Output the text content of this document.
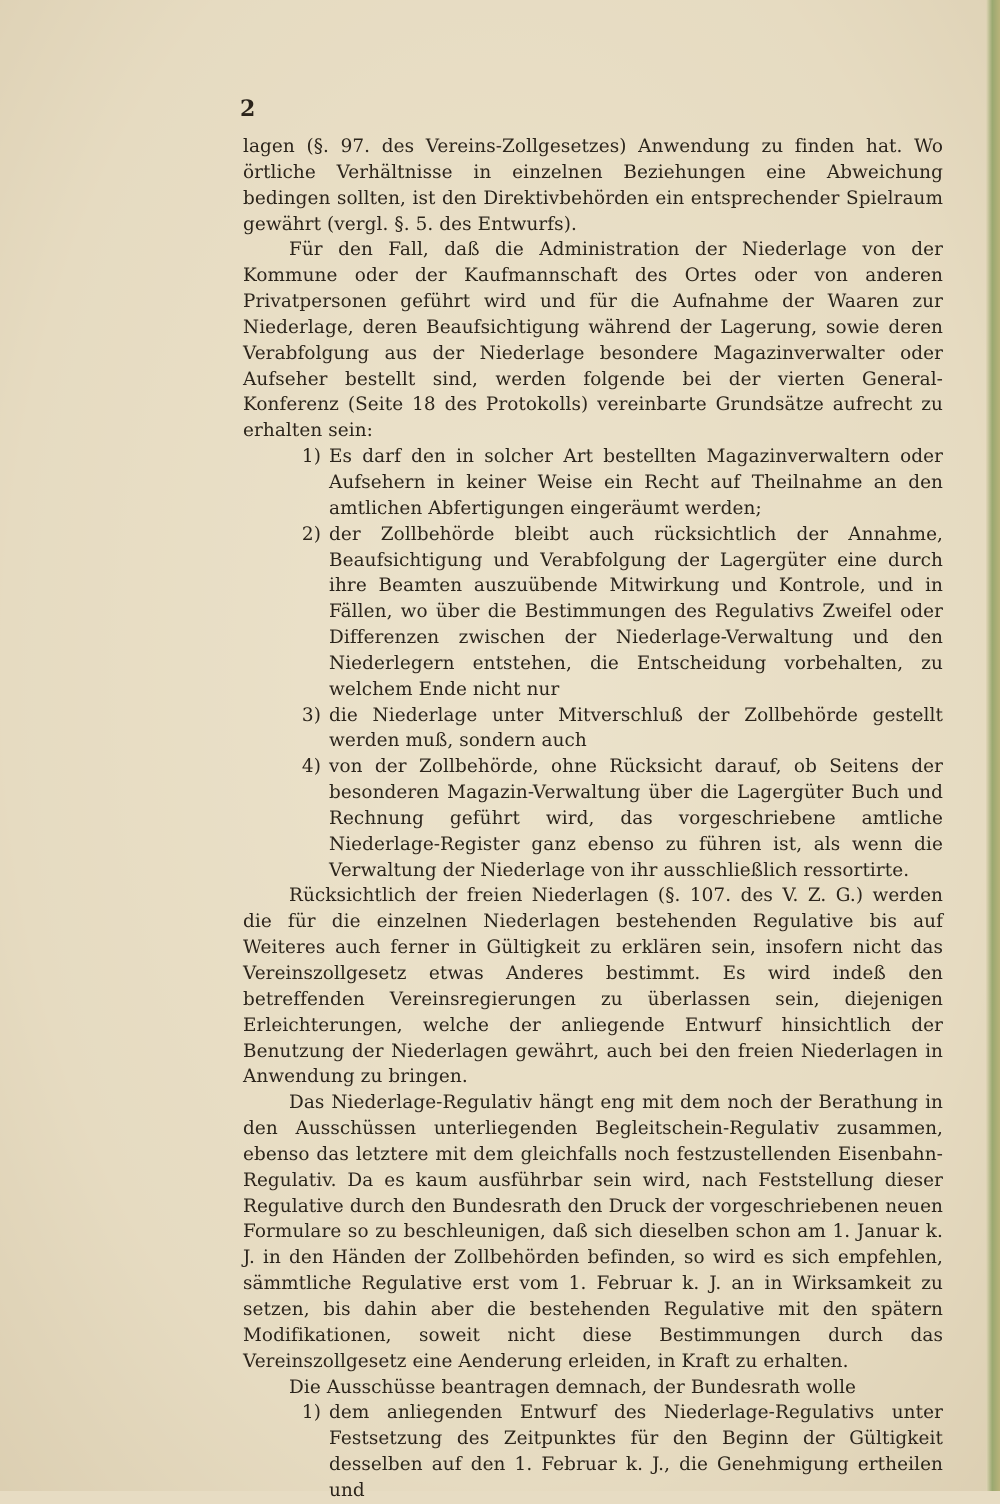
2

lagen (§. 97. des Vereins-Zollgesetzes) Anwendung zu finden hat. Wo örtliche Verhältnisse in einzelnen Beziehungen eine Abweichung bedingen sollten, ist den Direktivbehörden ein entsprechender Spielraum gewährt (vergl. §. 5. des Entwurfs).

Für den Fall, daß die Administration der Niederlage von der Kommune oder der Kaufmannschaft des Ortes oder von anderen Privatpersonen geführt wird und für die Aufnahme der Waaren zur Niederlage, deren Beaufsichtigung während der Lagerung, sowie deren Verabfolgung aus der Niederlage besondere Magazinverwalter oder Aufseher bestellt sind, werden folgende bei der vierten General-Konferenz (Seite 18 des Protokolls) vereinbarte Grundsätze aufrecht zu erhalten sein:

1) Es darf den in solcher Art bestellten Magazinverwaltern oder Aufsehern in keiner Weise ein Recht auf Theilnahme an den amtlichen Abfertigungen eingeräumt werden;
2) der Zollbehörde bleibt auch rücksichtlich der Annahme, Beaufsichtigung und Verabfolgung der Lagergüter eine durch ihre Beamten auszuübende Mitwirkung und Kontrole, und in Fällen, wo über die Bestimmungen des Regulativs Zweifel oder Differenzen zwischen der Niederlage-Verwaltung und den Niederlegern entstehen, die Entscheidung vorbehalten, zu welchem Ende nicht nur
3) die Niederlage unter Mitverschluß der Zollbehörde gestellt werden muß, sondern auch
4) von der Zollbehörde, ohne Rücksicht darauf, ob Seitens der besonderen Magazin-Verwaltung über die Lagergüter Buch und Rechnung geführt wird, das vorgeschriebene amtliche Niederlage-Register ganz ebenso zu führen ist, als wenn die Verwaltung der Niederlage von ihr ausschließlich ressortirte.

Rücksichtlich der freien Niederlagen (§. 107. des V. Z. G.) werden die für die einzelnen Niederlagen bestehenden Regulative bis auf Weiteres auch ferner in Gültigkeit zu erklären sein, insofern nicht das Vereinszollgesetz etwas Anderes bestimmt. Es wird indeß den betreffenden Vereinsregierungen zu überlassen sein, diejenigen Erleichterungen, welche der anliegende Entwurf hinsichtlich der Benutzung der Niederlagen gewährt, auch bei den freien Niederlagen in Anwendung zu bringen.

Das Niederlage-Regulativ hängt eng mit dem noch der Berathung in den Ausschüssen unterliegenden Begleitschein-Regulativ zusammen, ebenso das letztere mit dem gleichfalls noch festzustellenden Eisenbahn-Regulativ. Da es kaum ausführbar sein wird, nach Feststellung dieser Regulative durch den Bundesrath den Druck der vorgeschriebenen neuen Formulare so zu beschleunigen, daß sich dieselben schon am 1. Januar k. J. in den Händen der Zollbehörden befinden, so wird es sich empfehlen, sämmtliche Regulative erst vom 1. Februar k. J. an in Wirksamkeit zu setzen, bis dahin aber die bestehenden Regulative mit den spätern Modifikationen, soweit nicht diese Bestimmungen durch das Vereinszollgesetz eine Aenderung erleiden, in Kraft zu erhalten.

Die Ausschüsse beantragen demnach, der Bundesrath wolle

1) dem anliegenden Entwurf des Niederlage-Regulativs unter Festsetzung des Zeitpunktes für den Beginn der Gültigkeit desselben auf den 1. Februar k. J., die Genehmigung ertheilen und
